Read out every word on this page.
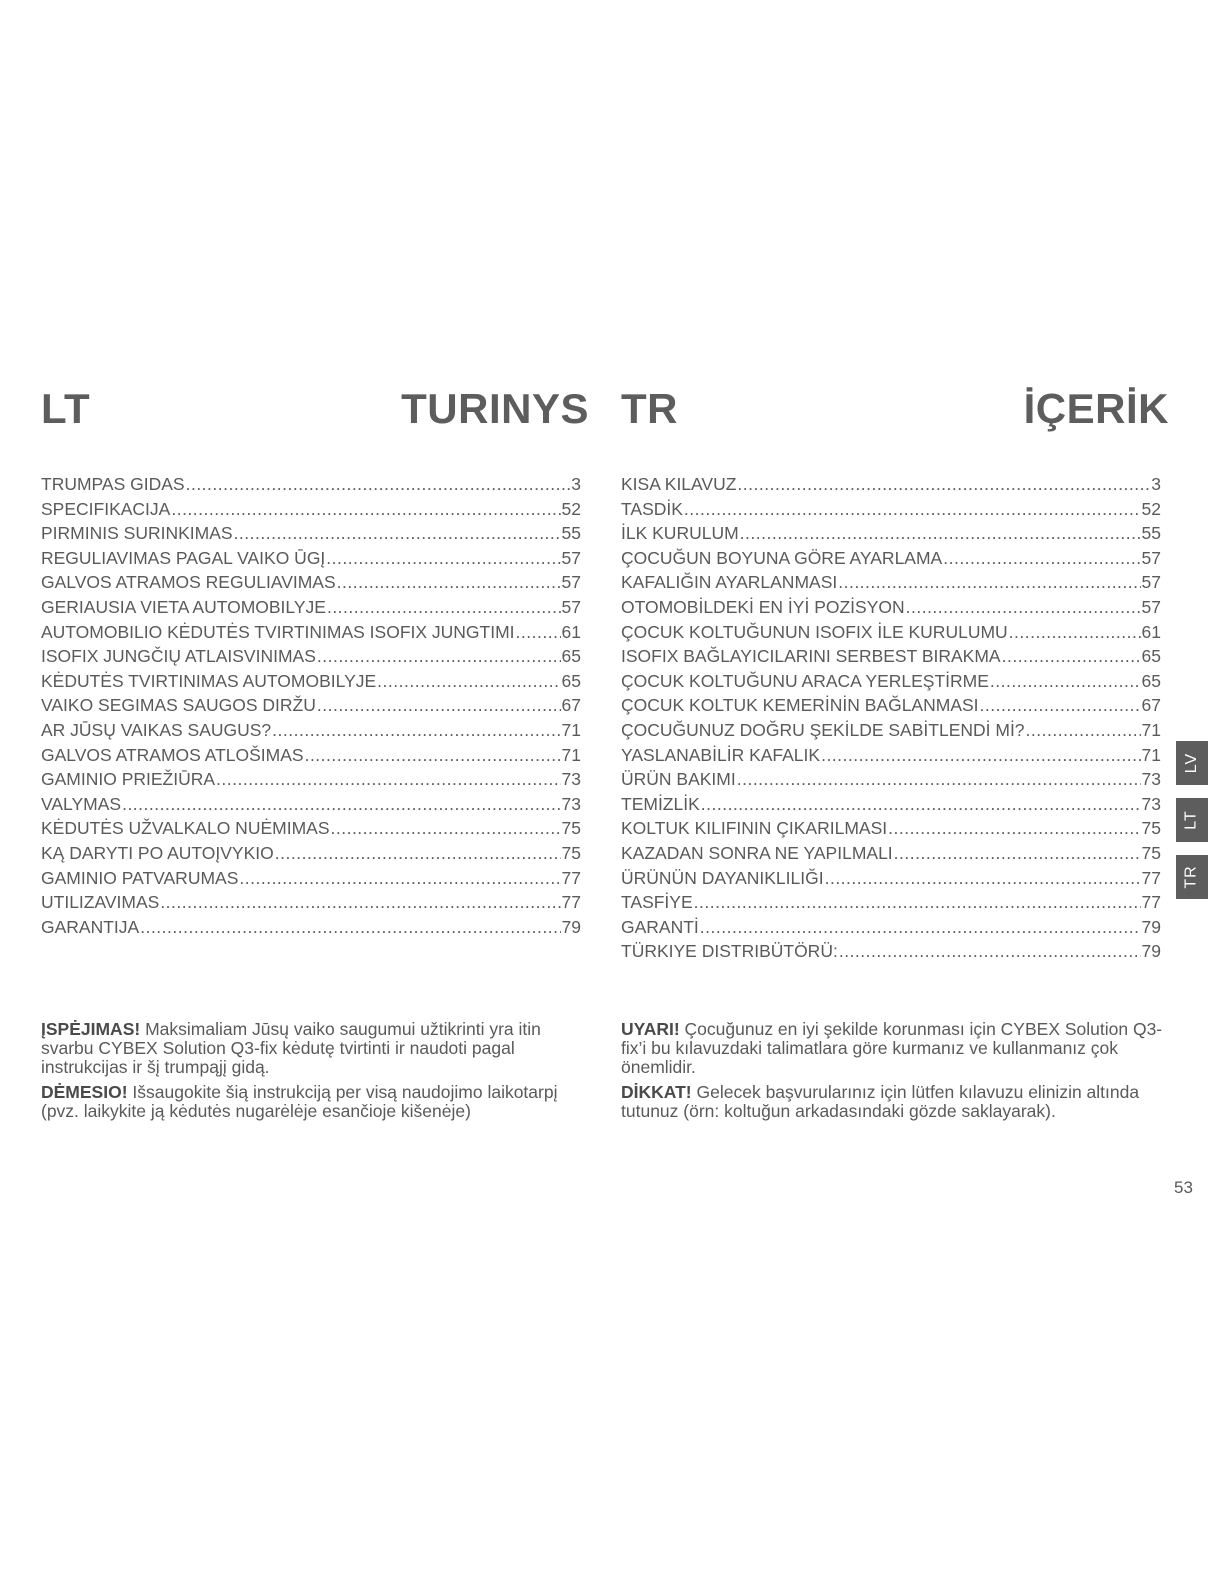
LT	TURINYS
TRUMPAS GIDAS .....	3
SPECIFIKACIJA .....	52
PIRMINIS SURINKIMAS .....	55
REGULIAVIMAS PAGAL VAIKO ŪGĮ .....	57
GALVOS ATRAMOS REGULIAVIMAS .....	57
GERIAUSIA VIETA AUTOMOBILYJE .....	57
AUTOMOBILIO KĖDUTĖS TVIRTINIMAS ISOFIX JUNGTIMI .....	61
ISOFIX JUNGČIŲ ATLAISVINIMAS .....	65
KĖDUTĖS TVIRTINIMAS AUTOMOBILYJE .....	65
VAIKO SEGIMAS SAUGOS DIRŽU .....	67
AR JŪSŲ VAIKAS SAUGUS? .....	71
GALVOS ATRAMOS ATLOŠIMAS .....	71
GAMINIO PRIEŽIŪRA .....	73
VALYMAS .....	73
KĖDUTĖS UŽVALKALO NUĖMIMAS .....	75
KĄ DARYTI PO AUTOĮVYKIO .....	75
GAMINIO PATVARUMAS .....	77
UTILIZAVIMAS .....	77
GARANTIJA .....	79
TR	İÇERİK
KISA KILAVUZ .....	3
TASDİK .....	52
İLK KURULUM .....	55
ÇOCUĞUN BOYUNA GÖRE AYARLAMA .....	57
KAFALIĞIN AYARLANMASI .....	57
OTOMOBİLDEKİ EN İYİ POZİSYON .....	57
ÇOCUK KOLTUĞUNUN ISOFIX İLE KURULUMU .....	61
ISOFIX BAĞLAYICILARINI SERBEST BIRAKMA .....	65
ÇOCUK KOLTUĞUNU ARACA YERLEŞTİRME .....	65
ÇOCUK KOLTUK KEMERİNİN BAĞLANMASI .....	67
ÇOCUĞUNUZ DOĞRU ŞEKİLDE SABİTLENDİ Mİ? .....	71
YASLANABİLİR KAFALIK .....	71
ÜRÜN BAKIMI .....	73
TEMİZLİK .....	73
KOLTUK KILIFININ ÇIKARILMASI .....	75
KAZADAN SONRA NE YAPILMALI .....	75
ÜRÜNÜN DAYANIKLILIĞI .....	77
TASFİYE .....	77
GARANTİ .....	79
TÜRKIYE DISTRIBÜTÖRÜ: .....	79

ĮSPĖJIMAS! Maksimaliam Jūsų vaiko saugumui užtikrinti yra itin svarbu CYBEX Solution Q3-fix kėdutę tvirtinti ir naudoti pagal instrukcijas ir šį trumpąjį gidą.

DĖMESIO! Išsaugokite šią instrukciją per visą naudojimo laikotarpį (pvz. laikykite ją kėdutės nugarėlėje esančioje kišenėje)

UYARI! Çocuğunuz en iyi şekilde korunması için CYBEX Solution Q3-fix’i bu kılavuzdaki talimatlara göre kurmanız ve kullanmanız çok önemlidir.

DİKKAT! Gelecek başvurularınız için lütfen kılavuzu elinizin altında tutunuz (örn: koltuğun arkadasındaki gözde saklayarak).

LV
LT
TR
53
